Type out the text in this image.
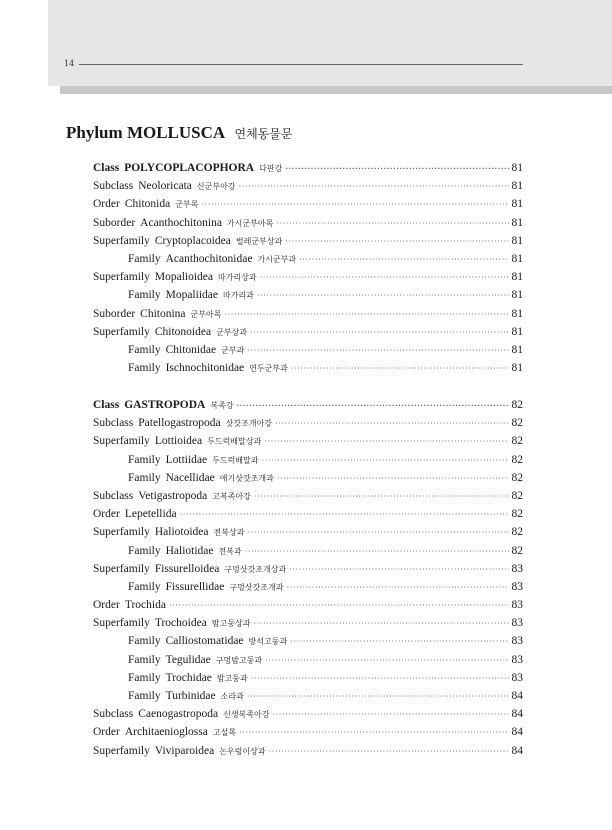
14
Phylum MOLLUSCA 연체동물문
Class POLYCOPLACOPHORA 다판강 ·····	81
Subclass Neoloricata 신군부아강 ·····	81
Order Chitonida 군부목 ·····	81
Suborder Acanthochitonina 가시군부아목 ·····	81
Superfamily Cryptoplacoidea 벌레군부상과 ·····	81
Family Acanthochitonidae 가시군부과 ·····	81
Superfamily Mopalioidea 따가리상과 ·····	81
Family Mopaliidae 따가리과 ·····	81
Suborder Chitonina 군부아목 ·····	81
Superfamily Chitonoidea 군부상과 ·····	81
Family Chitonidae 군부과 ·····	81
Family Ischnochitonidae 연두군부과 ·····	81
Class GASTROPODA 복족강 ·····	82
Subclass Patellogastropoda 삿갓조개아강 ·····	82
Superfamily Lottioidea 두드럭배말상과 ·····	82
Family Lottiidae 두드럭배말과 ·····	82
Family Nacellidae 애기삿갓조개과 ·····	82
Subclass Vetigastropoda 고복족아강 ·····	82
Order Lepetellida ·····	82
Superfamily Haliotoidea 전복상과 ·····	82
Family Haliotidae 전복과 ·····	82
Superfamily Fissurelloidea 구멍삿갓조개상과 ·····	83
Family Fissurellidae 구멍삿갓조개과 ·····	83
Order Trochida ·····	83
Superfamily Trochoidea 밤고둥상과 ·····	83
Family Calliostomatidae 방석고둥과 ·····	83
Family Tegulidae 구멍밤고둥과 ·····	83
Family Trochidae 밤고둥과 ·····	83
Family Turbinidae 소라과 ·····	84
Subclass Caenogastropoda 신생복족아강 ·····	84
Order Architaenioglossa 고설목 ·····	84
Superfamily Viviparoidea 논우렁이상과 ·····	84
